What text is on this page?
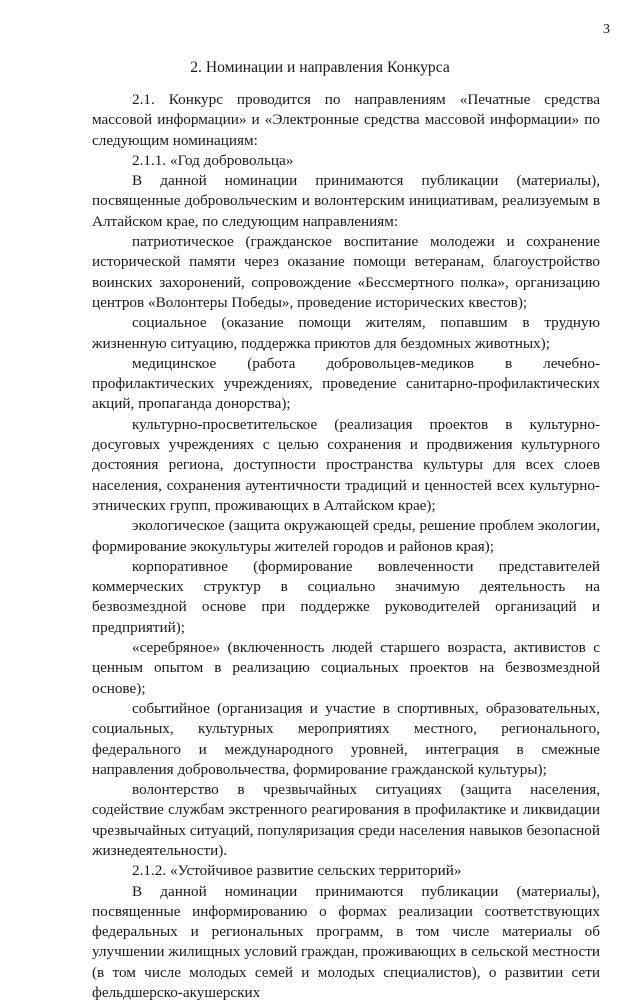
3
2. Номинации и направления Конкурса

2.1. Конкурс проводится по направлениям «Печатные средства массовой информации» и «Электронные средства массовой информации» по следующим номинациям:

2.1.1. «Год добровольца»

В данной номинации принимаются публикации (материалы), посвященные добровольческим и волонтерским инициативам, реализуемым в Алтайском крае, по следующим направлениям:

патриотическое (гражданское воспитание молодежи и сохранение исторической памяти через оказание помощи ветеранам, благоустройство воинских захоронений, сопровождение «Бессмертного полка», организацию центров «Волонтеры Победы», проведение исторических квестов);

социальное (оказание помощи жителям, попавшим в трудную жизненную ситуацию, поддержка приютов для бездомных животных);

медицинское (работа добровольцев-медиков в лечебно-профилактических учреждениях, проведение санитарно-профилактических акций, пропаганда донорства);

культурно-просветительское (реализация проектов в культурно-досуговых учреждениях с целью сохранения и продвижения культурного достояния региона, доступности пространства культуры для всех слоев населения, сохранения аутентичности традиций и ценностей всех культурно-этнических групп, проживающих в Алтайском крае);

экологическое (защита окружающей среды, решение проблем экологии, формирование экокультуры жителей городов и районов края);

корпоративное (формирование вовлеченности представителей коммерческих структур в социально значимую деятельность на безвозмездной основе при поддержке руководителей организаций и предприятий);

«серебряное» (включенность людей старшего возраста, активистов с ценным опытом в реализацию социальных проектов на безвозмездной основе);

событийное (организация и участие в спортивных, образовательных, социальных, культурных мероприятиях местного, регионального, федерального и международного уровней, интеграция в смежные направления добровольчества, формирование гражданской культуры);

волонтерство в чрезвычайных ситуациях (защита населения, содействие службам экстренного реагирования в профилактике и ликвидации чрезвычайных ситуаций, популяризация среди населения навыков безопасной жизнедеятельности).

2.1.2. «Устойчивое развитие сельских территорий»

В данной номинации принимаются публикации (материалы), посвященные информированию о формах реализации соответствующих федеральных и региональных программ, в том числе материалы об улучшении жилищных условий граждан, проживающих в сельской местности (в том числе молодых семей и молодых специалистов), о развитии сети фельдшерско-акушерских
